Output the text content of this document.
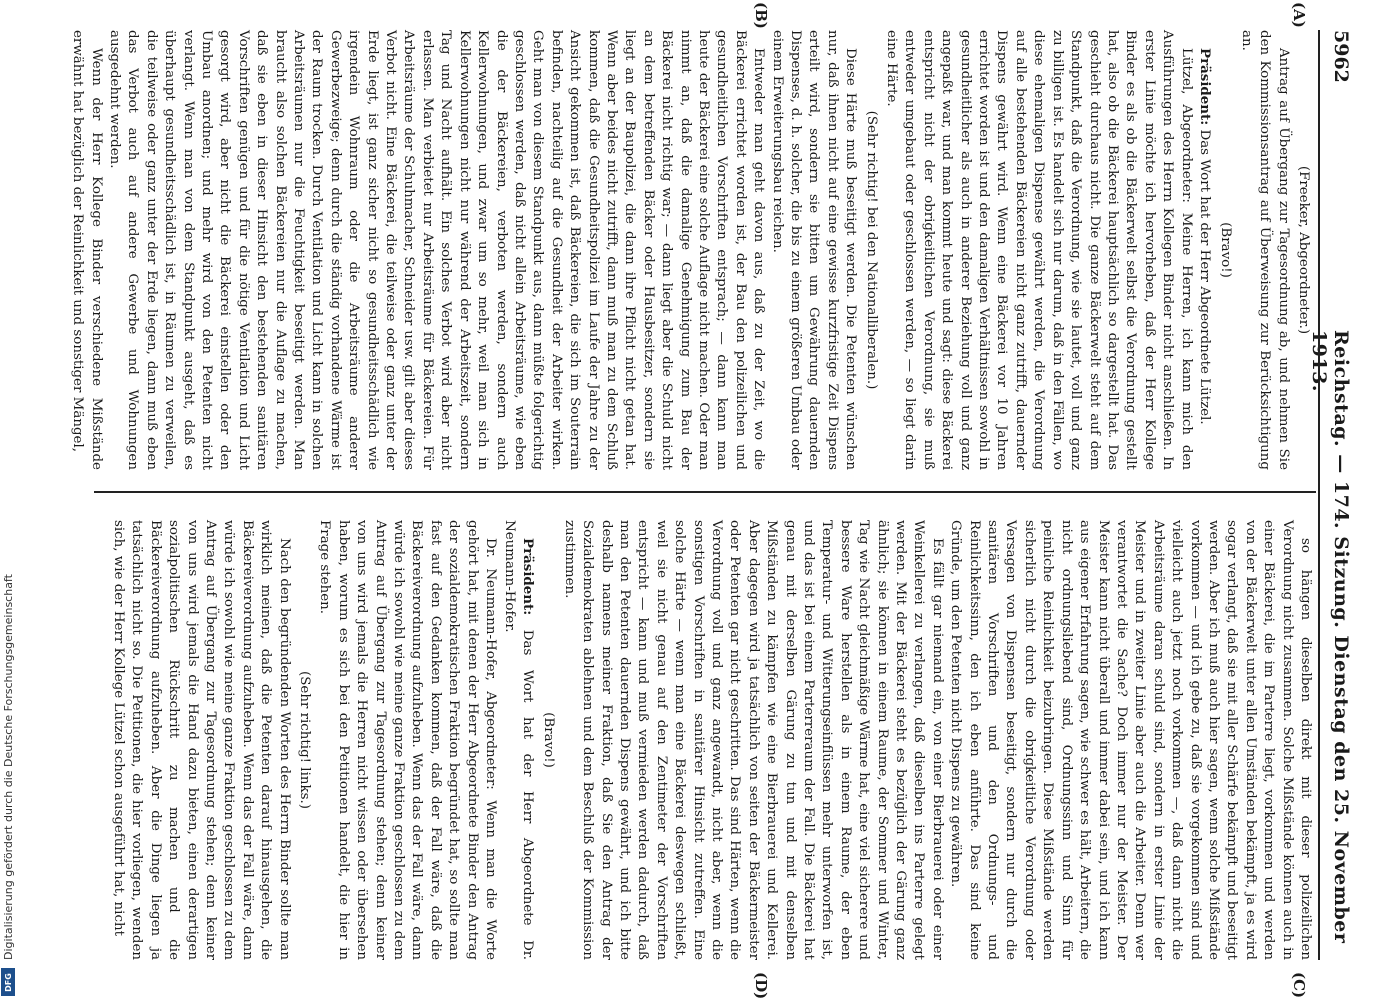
5962
Reichstag. — 174. Sitzung. Dienstag den 25. November 1913.
(A)
(B)
(C)
(D)

(Freeker, Abgeordneter.)

Antrag auf Übergang zur Tagesordnung ab, und nehmen Sie den Kommissionsantrag auf Überweisung zur Berücksichtigung an.

(Bravo!)

Präsident: Das Wort hat der Herr Abgeordnete Lützel.

Lützel, Abgeordneter: Meine Herren, ich kann mich den Ausführungen des Herrn Kollegen Binder nicht anschließen. In erster Linie möchte ich hervorheben, daß der Herr Kollege Binder es als ob die Bäckerwelt selbst die Verordnung gestellt hat, also ob die Bäckerei hauptsächlich so dargestellt hat. Das geschieht durchaus nicht. Die ganze Bäckerwelt steht auf dem Standpunkt, daß die Verordnung, wie sie lautet, voll und ganz zu billigen ist. Es handelt sich nur darum, daß in den Fällen, wo diese ehemaligen Dispense gewährt werden, die Verordnung auf alle bestehenden Bäckereien nicht ganz zutrifft, dauernder Dispens gewährt wird. Wenn eine Bäckerei vor 10 Jahren errichtet worden ist und den damaligen Verhältnissen sowohl in gesundheitlicher als auch in anderer Beziehung voll und ganz angepaßt war, und man kommt heute und sagt: diese Bäckerei entspricht nicht der obrigkeitlichen Verordnung, sie muß entweder umgebaut oder geschlossen werden, — so liegt darin eine Härte.

(Sehr richtig! bei den Nationalliberalen.)

Diese Härte muß beseitigt werden. Die Petenten wünschen nur, daß ihnen nicht auf eine gewisse kurzfristige Zeit Dispens erteilt wird, sondern sie bitten um Gewährung dauernden Dispenses, d. h. solcher, die bis zu einem größeren Umbau oder einem Erweiterungsbau reichen.

Entweder man geht davon aus, daß zu der Zeit, wo die Bäckerei errichtet worden ist, der Bau den polizeilichen und gesundheitlichen Vorschriften entsprach; — dann kann man heute der Bäckerei eine solche Auflage nicht machen. Oder man nimmt an, daß die damalige Genehmigung zum Bau der Bäckerei nicht richtig war; — dann liegt aber die Schuld nicht an dem betreffenden Bäcker oder Hausbesitzer, sondern sie liegt an der Baupolizei, die dann ihre Pflicht nicht getan hat. Wenn aber beides nicht zutrifft, dann muß man zu dem Schluß kommen, daß die Gesundheitspolizei im Laufe der Jahre zu der Ansicht gekommen ist, daß Bäckereien, die sich im Souterrain befinden, nachteilig auf die Gesundheit der Arbeiter wirken. Geht man von diesem Standpunkt aus, dann müßte folgerichtig geschlossen werden, daß nicht allein Arbeitsräume, wie eben die der Bäckereien, verboten werden, sondern auch Kellerwohnungen, und zwar um so mehr, weil man sich in Kellerwohnungen nicht nur während der Arbeitszeit, sondern Tag und Nacht aufhält. Ein solches Verbot wird aber nicht erlassen. Man verbietet nur Arbeitsräume für Bäckereien. Für Arbeitsräume der Schuhmacher, Schneider usw. gilt aber dieses Verbot nicht. Eine Bäckerei, die teilweise oder ganz unter der Erde liegt, ist ganz sicher nicht so gesundheitsschädlich wie irgendein Wohnraum oder die Arbeitsräume anderer Gewerbezweige; denn durch die ständig vorhandene Wärme ist der Raum trocken. Durch Ventilation und Licht kann in solchen Arbeitsräumen nur die Feuchtigkeit beseitigt werden. Man braucht also solchen Bäckereien nur die Auflage zu machen, daß sie eben in dieser Hinsicht den bestehenden sanitären Vorschriften genügen und für die nötige Ventilation und Licht gesorgt wird, aber nicht die Bäckerei einstellen oder den Umbau anordnen; und mehr wird von den Petenten nicht verlangt. Wenn man von dem Standpunkt ausgeht, daß es überhaupt gesundheitsschädlich ist, in Räumen zu verweilen, die teilweise oder ganz unter der Erde liegen, dann muß eben das Verbot auch auf andere Gewerbe und Wohnungen ausgedehnt werden.

Wenn der Herr Kollege Binder verschiedene Mißstände erwähnt hat bezüglich der Reinlichkeit und sonstiger Mängel,

so hängen dieselben direkt mit dieser polizeilichen Verordnung nicht zusammen. Solche Mißstände können auch in einer Bäckerei, die im Parterre liegt, vorkommen und werden von der Bäckerwelt unter allen Umständen bekämpft, ja es wird sogar verlangt, daß sie mit aller Schärfe bekämpft und beseitigt werden. Aber ich muß auch hier sagen, wenn solche Mißstände vorkommen — und ich gebe zu, daß sie vorgekommen sind und vielleicht auch jetzt noch vorkommen —, daß dann nicht die Arbeitsräume daran schuld sind, sondern in erster Linie der Meister und in zweiter Linie aber auch die Arbeiter. Denn wer verantwortet die Sache? Doch immer nur der Meister. Der Meister kann nicht überall und immer dabei sein, und ich kann aus eigener Erfahrung sagen, wie schwer es hält, Arbeitern, die nicht ordnungsliebend sind, Ordnungssinn und Sinn für peinliche Reinlichkeit beizubringen. Diese Mißstände werden sicherlich nicht durch die obrigkeitliche Verordnung oder Versagen von Dispensen beseitigt, sondern nur durch die sanitären Vorschriften und den Ordnungs- und Reinlichkeitssinn, den ich eben anführte. Das sind keine Gründe, um den Petenten nicht Dispens zu gewähren.

Es fällt gar niemand ein, von einer Bierbrauerei oder einer Weinkellerei zu verlangen, daß dieselben ins Parterre gelegt werden. Mit der Bäckerei steht es bezüglich der Gärung ganz ähnlich; sie können in einem Raume, der Sommer und Winter, Tag wie Nacht gleichmäßige Wärme hat, eine viel sicherere und bessere Ware herstellen als in einem Raume, der eben Temperatur- und Witterungseinflüssen mehr unterworfen ist, und das ist bei einem Parterreraum der Fall. Die Bäckerei hat genau mit derselben Gärung zu tun und mit denselben Mißständen zu kämpfen wie eine Bierbrauerei und Kellerei. Aber dagegen wird ja tatsächlich von seiten der Bäckermeister oder Petenten gar nicht geschritten. Das sind Härten, wenn die Verordnung voll und ganz angewandt, nicht aber, wenn die sonstigen Vorschriften in sanitärer Hinsicht zutreffen. Eine solche Härte — wenn man eine Bäckerei deswegen schließt, weil sie nicht genau auf den Zentimeter der Vorschriften entspricht — kann und muß vermieden werden dadurch, daß man den Petenten dauernden Dispens gewährt, und ich bitte deshalb namens meiner Fraktion, daß Sie den Antrag der Sozialdemokraten ablehnen und dem Beschluß der Kommission zustimmen.

(Bravo!)

Präsident: Das Wort hat der Herr Abgeordnete Dr. Neumann-Hofer.

Dr. Neumann-Hofer, Abgeordneter: Wenn man die Worte gehört hat, mit denen der Herr Abgeordnete Binder den Antrag der sozialdemokratischen Fraktion begründet hat, so sollte man fast auf den Gedanken kommen, daß der Fall wäre, daß die Bäckereiverordnung aufzuheben. Wenn das der Fall wäre, dann würde ich sowohl wie meine ganze Fraktion geschlossen zu dem Antrag auf Übergang zur Tagesordnung stehen; denn keiner von uns wird jemals die Herren nicht wissen oder übersehen haben, worum es sich bei den Petitionen handelt, die hier in Frage stehen.

(Sehr richtig! links.)

Nach den begründenden Worten des Herrn Binder sollte man wirklich meinen, daß die Petenten darauf hinausgehen, die Bäckereiverordnung aufzuheben. Wenn das der Fall wäre, dann würde ich sowohl wie meine ganze Fraktion geschlossen zu dem Antrag auf Übergang zur Tagesordnung stehen; denn keiner von uns wird jemals die Hand dazu bieten, einen derartigen sozialpolitischen Rückschritt zu machen und die Bäckereiverordnung aufzuheben. Aber die Dinge liegen ja tatsächlich nicht so. Die Petitionen, die hier vorliegen, wenden sich, wie der Herr Kollege Lützel schon ausgeführt hat, nicht

Digitalisierung gefördert durch die Deutsche Forschungsgemeinschaft
DFG
